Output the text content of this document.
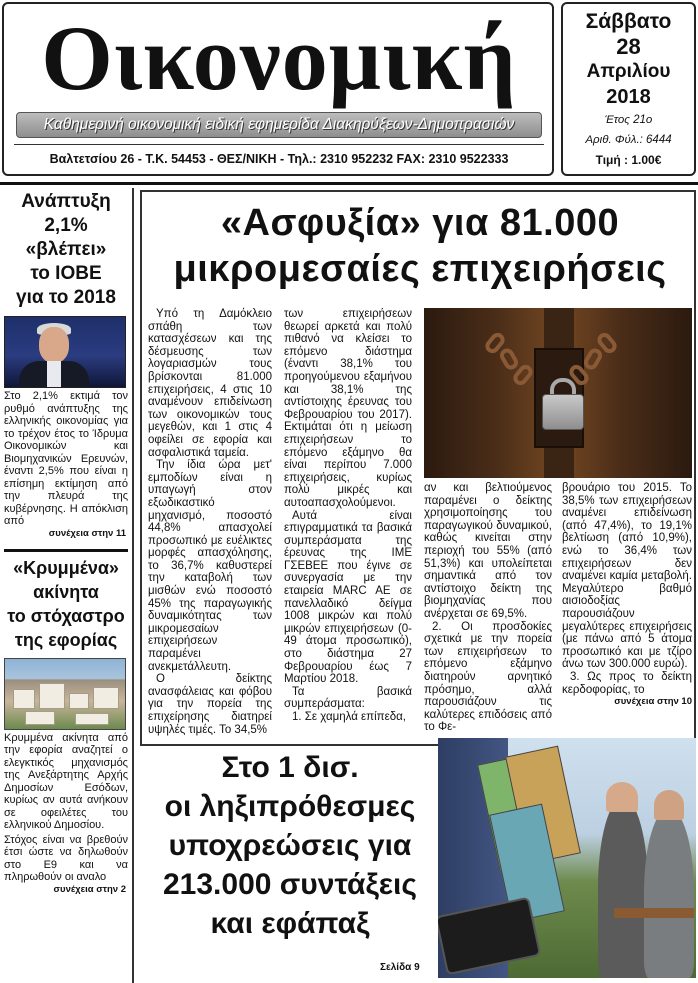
Οικονομική
Καθημερινή οικονομική ειδική εφημερίδα Διακηρύξεων-Δημοπρασιών
Βαλτετσίου 26 - Τ.Κ. 54453 - ΘΕΣ/ΝΙΚΗ - Τηλ.: 2310 952232 FAX: 2310 9522333
Σάββατο
28
Απριλίου
2018
Έτος 21ο
Αριθ. Φύλ.: 6444
Τιμή : 1.00€
Ανάπτυξη
2,1%
«βλέπει»
το ΙΟΒΕ
για το 2018
Στο 2,1% εκτιμά τον ρυθμό ανάπτυξης της ελληνικής οικονομίας για το τρέχον έτος το Ίδρυμα Οικονομικών και Βιομηχανικών Ερευνών, έναντι 2,5% που είναι η επίσημη εκτίμηση από την πλευρά της κυβέρνησης. Η απόκλιση από
συνέχεια στην 11
«Κρυμμένα»
ακίνητα
το στόχαστρο
της εφορίας
Κρυμμένα ακίνητα από την εφορία αναζητεί ο ελεγκτικός μηχανισμός της Ανεξάρτητης Αρχής Δημοσίων Εσόδων, κυρίως αν αυτά ανήκουν σε οφειλέτες του ελληνικού Δημοσίου.
Στόχος είναι να βρεθούν έτσι ώστε να δηλωθούν στο Ε9 και να πληρωθούν οι αναλο
συνέχεια στην 2
«Ασφυξία» για 81.000
μικρομεσαίες επιχειρήσεις

Υπό τη Δαμόκλειο σπάθη των κατασχέσεων και της δέσμευσης των λογαριασμών τους βρίσκονται 81.000 επιχειρήσεις, 4 στις 10 αναμένουν επιδείνωση των οικονομικών τους μεγεθών, και 1 στις 4 οφείλει σε εφορία και ασφαλιστικά ταμεία.

Την ίδια ώρα μετ' εμποδίων είναι η υπαγωγή στον εξωδικαστικό μηχανισμό, ποσοστό 44,8% απασχολεί προσωπικό με ευέλικτες μορφές απασχόλησης, το 36,7% καθυστερεί την καταβολή των μισθών ενώ ποσοστό 45% της παραγωγικής δυναμικότητας των μικρομεσαίων επιχειρήσεων παραμένει ανεκμετάλλευτη.

Ο δείκτης ανασφάλειας και φόβου για την πορεία της επιχείρησης διατηρεί υψηλές τιμές. Το 34,5%

των επιχειρήσεων θεωρεί αρκετά και πολύ πιθανό να κλείσει το επόμενο διάστημα (έναντι 38,1% του προηγούμενου εξαμήνου και 38,1% της αντίστοιχης έρευνας του Φεβρουαρίου του 2017). Εκτιμάται ότι η μείωση επιχειρήσεων το επόμενο εξάμηνο θα είναι περίπου 7.000 επιχειρήσεις, κυρίως πολύ μικρές και αυτοαπασχολούμενοι.

Αυτά είναι επιγραμματικά τα βασικά συμπεράσματα της έρευνας της ΙΜΕ ΓΣΕΒΕΕ που έγινε σε συνεργασία με την εταιρεία MARC AE σε πανελλαδικό δείγμα 1008 μικρών και πολύ μικρών επιχειρήσεων (0-49 άτομα προσωπικό), στο διάστημα 27 Φεβρουαρίου έως 7 Μαρτίου 2018.

Τα βασικά συμπεράσματα:

1. Σε χαμηλά επίπεδα,

αν και βελτιούμενος παραμένει ο δείκτης χρησιμοποίησης του παραγωγικού δυναμικού, καθώς κινείται στην περιοχή του 55% (από 51,3%) και υπολείπεται σημαντικά από τον αντίστοιχο δείκτη της βιομηχανίας που ανέρχεται σε 69,5%.

2. Οι προσδοκίες σχετικά με την πορεία των επιχειρήσεων το επόμενο εξάμηνο διατηρούν αρνητικό πρόσημο, αλλά παρουσιάζουν τις καλύτερες επιδόσεις από το Φε-

βρουάριο του 2015. Το 38,5% των επιχειρήσεων αναμένει επιδείνωση (από 47,4%), το 19,1% βελτίωση (από 10,9%), ενώ το 36,4% των επιχειρήσεων δεν αναμένει καμία μεταβολή. Μεγαλύτερο βαθμό αισιοδοξίας παρουσιάζουν μεγαλύτερες επιχειρήσεις (με πάνω από 5 άτομα προσωπικό και με τζίρο άνω των 300.000 ευρώ).

3. Ως προς το δείκτη κερδοφορίας, το

συνέχεια στην 10
Στο 1 δισ.
οι ληξιπρόθεσμες
υποχρεώσεις για
213.000 συντάξεις
και εφάπαξ
Σελίδα 9
